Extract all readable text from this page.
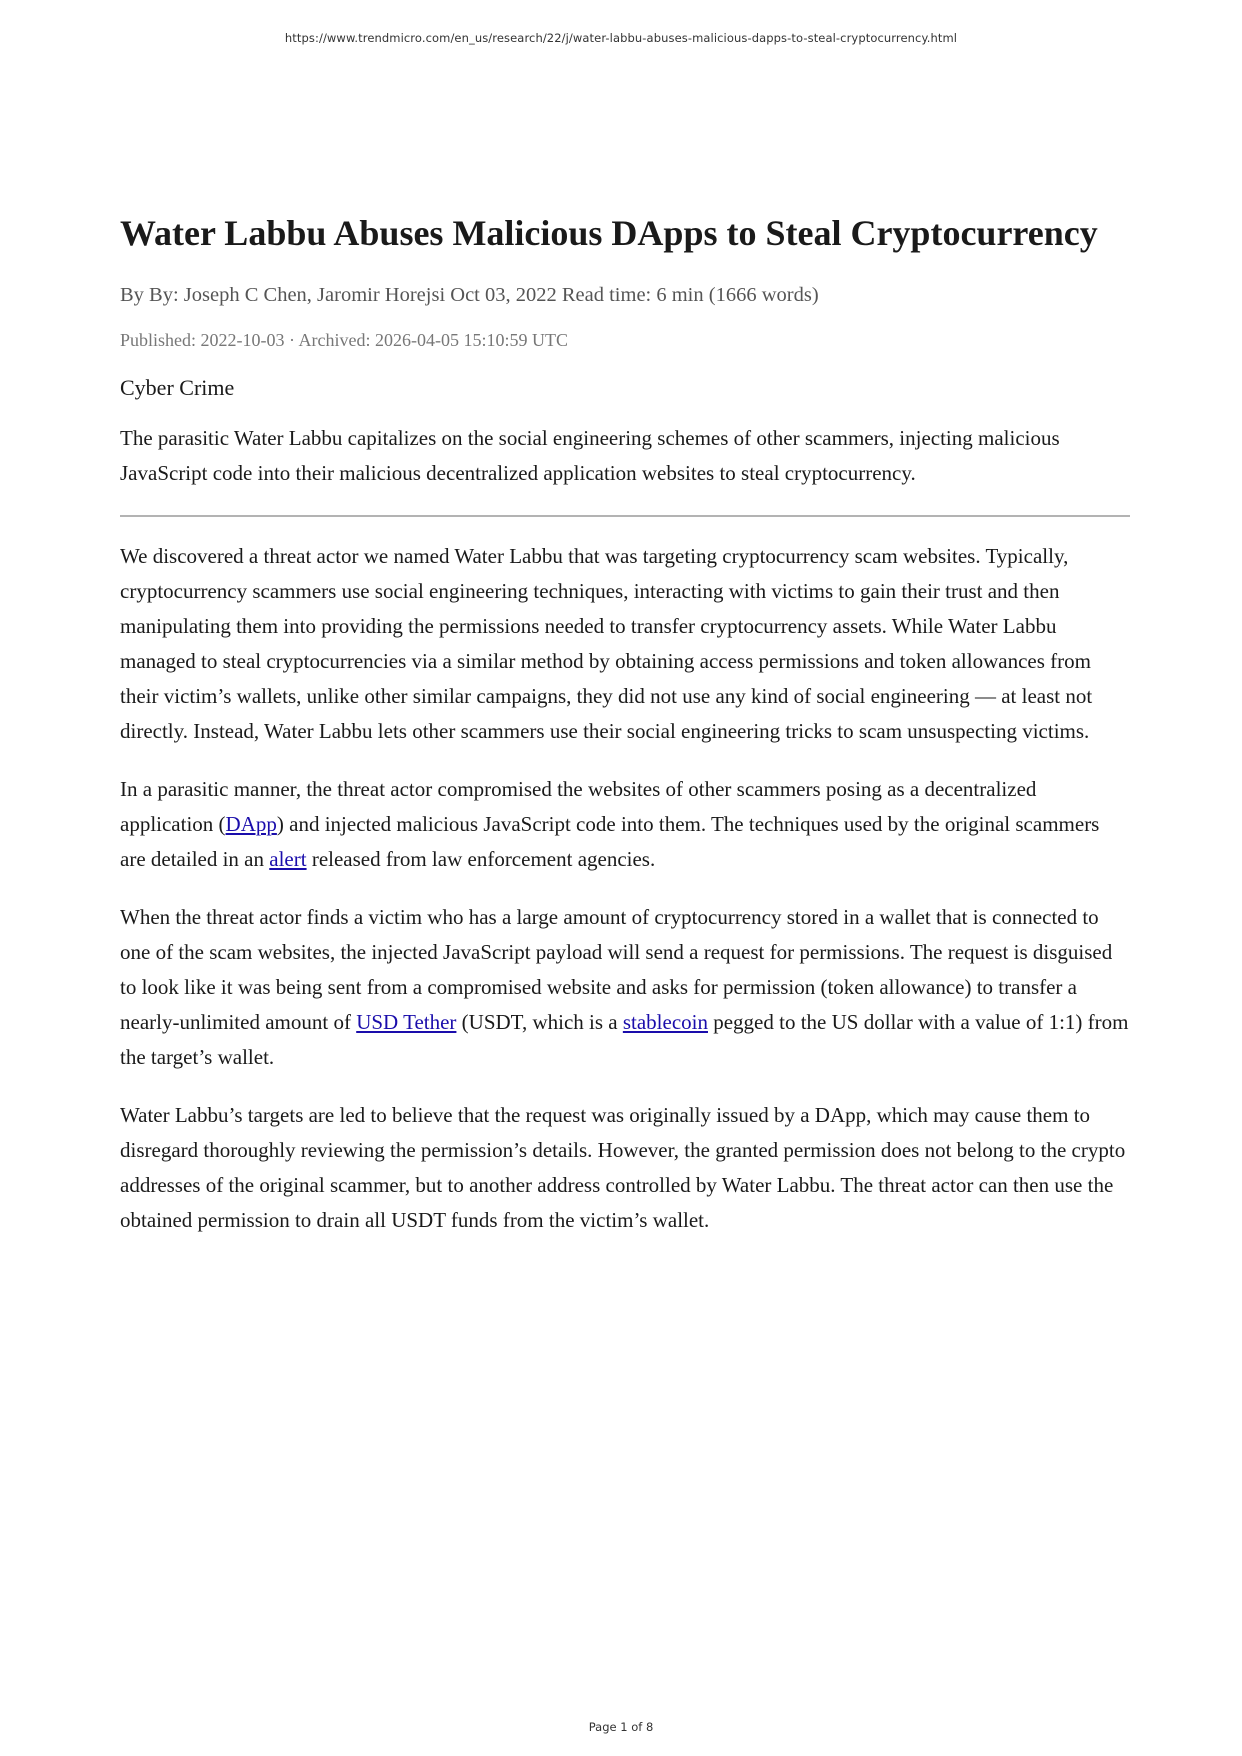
https://www.trendmicro.com/en_us/research/22/j/water-labbu-abuses-malicious-dapps-to-steal-cryptocurrency.html
Water Labbu Abuses Malicious DApps to Steal Cryptocurrency

By By: Joseph C Chen, Jaromir Horejsi Oct 03, 2022 Read time: 6 min (1666 words)

Published: 2022-10-03 · Archived: 2026-04-05 15:10:59 UTC

Cyber Crime

The parasitic Water Labbu capitalizes on the social engineering schemes of other scammers, injecting malicious JavaScript code into their malicious decentralized application websites to steal cryptocurrency.

We discovered a threat actor we named Water Labbu that was targeting cryptocurrency scam websites. Typically, cryptocurrency scammers use social engineering techniques, interacting with victims to gain their trust and then manipulating them into providing the permissions needed to transfer cryptocurrency assets. While Water Labbu managed to steal cryptocurrencies via a similar method by obtaining access permissions and token allowances from their victim’s wallets, unlike other similar campaigns, they did not use any kind of social engineering — at least not directly. Instead, Water Labbu lets other scammers use their social engineering tricks to scam unsuspecting victims.

In a parasitic manner, the threat actor compromised the websites of other scammers posing as a decentralized application (DApp) and injected malicious JavaScript code into them. The techniques used by the original scammers are detailed in an alert released from law enforcement agencies.

When the threat actor finds a victim who has a large amount of cryptocurrency stored in a wallet that is connected to one of the scam websites, the injected JavaScript payload will send a request for permissions. The request is disguised to look like it was being sent from a compromised website and asks for permission (token allowance) to transfer a nearly-unlimited amount of USD Tether (USDT, which is a stablecoin pegged to the US dollar with a value of 1:1) from the target’s wallet.

Water Labbu’s targets are led to believe that the request was originally issued by a DApp, which may cause them to disregard thoroughly reviewing the permission’s details. However, the granted permission does not belong to the crypto addresses of the original scammer, but to another address controlled by Water Labbu. The threat actor can then use the obtained permission to drain all USDT funds from the victim’s wallet.

Page 1 of 8
